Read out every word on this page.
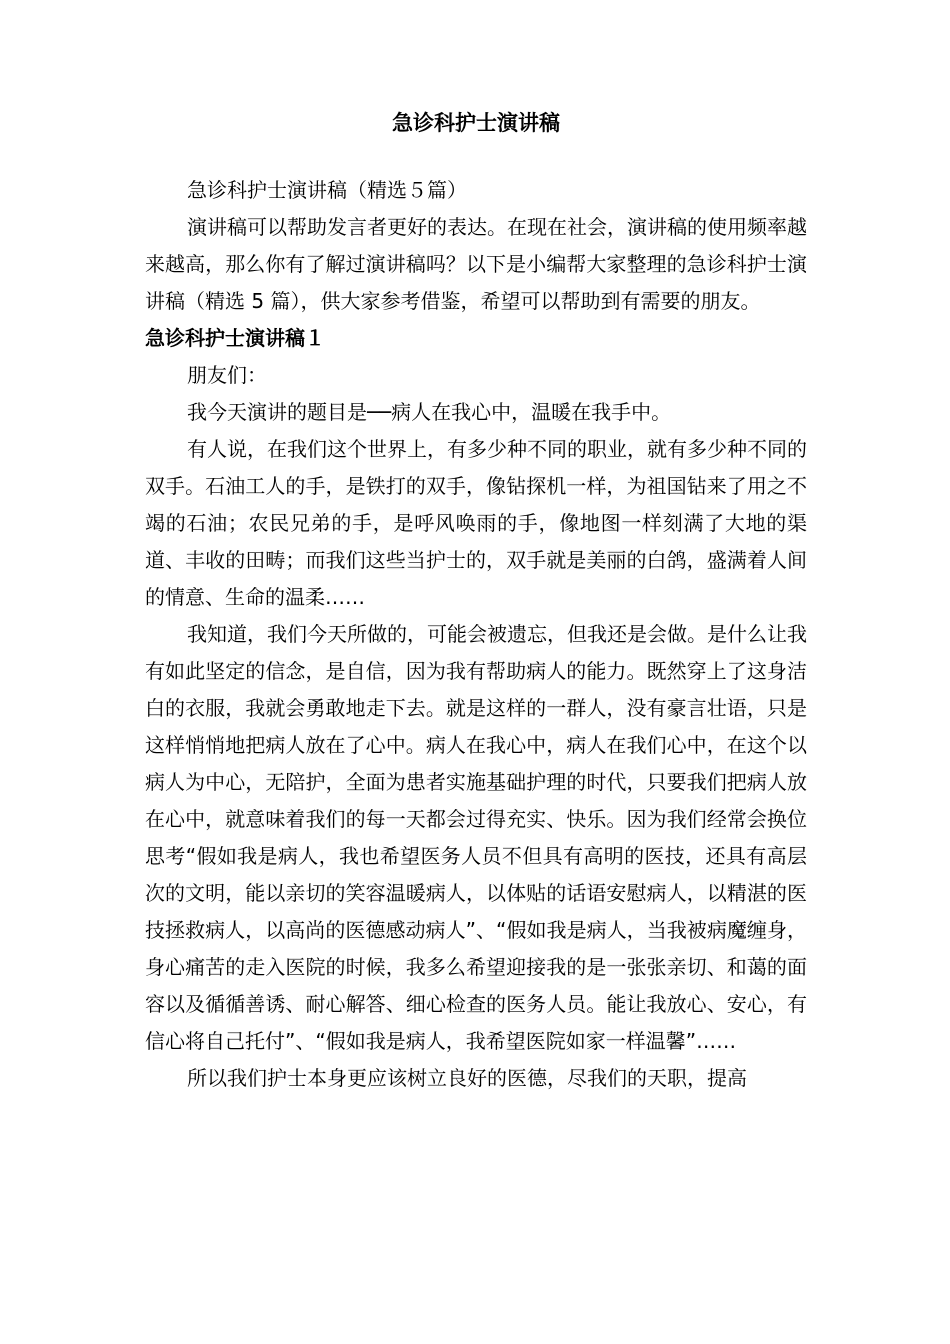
急诊科护士演讲稿

急诊科护士演讲稿（精选５篇）

演讲稿可以帮助发言者更好的表达。在现在社会，演讲稿的使用频率越来越高，那么你有了解过演讲稿吗？以下是小编帮大家整理的急诊科护士演讲稿（精选 5 篇），供大家参考借鉴，希望可以帮助到有需要的朋友。

急诊科护士演讲稿１

朋友们：

我今天演讲的题目是──病人在我心中，温暖在我手中。

有人说，在我们这个世界上，有多少种不同的职业，就有多少种不同的双手。石油工人的手，是铁打的双手，像钻探机一样，为祖国钻来了用之不竭的石油；农民兄弟的手，是呼风唤雨的手，像地图一样刻满了大地的渠道、丰收的田畴；而我们这些当护士的，双手就是美丽的白鸽，盛满着人间的情意、生命的温柔……

我知道，我们今天所做的，可能会被遗忘，但我还是会做。是什么让我有如此坚定的信念，是自信，因为我有帮助病人的能力。既然穿上了这身洁白的衣服，我就会勇敢地走下去。就是这样的一群人，没有豪言壮语，只是这样悄悄地把病人放在了心中。病人在我心中，病人在我们心中，在这个以病人为中心，无陪护，全面为患者实施基础护理的时代，只要我们把病人放在心中，就意味着我们的每一天都会过得充实、快乐。因为我们经常会换位思考“假如我是病人，我也希望医务人员不但具有高明的医技，还具有高层次的文明，能以亲切的笑容温暖病人，以体贴的话语安慰病人，以精湛的医技拯救病人，以高尚的医德感动病人”、“假如我是病人，当我被病魔缠身，身心痛苦的走入医院的时候，我多么希望迎接我的是一张张亲切、和蔼的面容以及循循善诱、耐心解答、细心检查的医务人员。能让我放心、安心，有信心将自己托付”、“假如我是病人，我希望医院如家一样温馨”……

所以我们护士本身更应该树立良好的医德，尽我们的天职，提高
